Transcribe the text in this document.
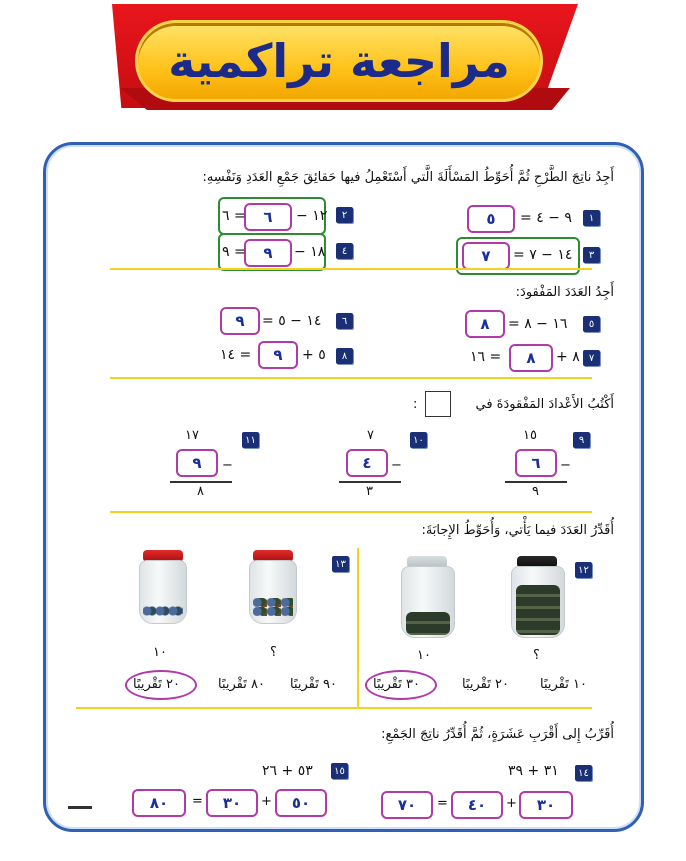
مراجعة تراكمية
أَجِدُ ناتِجَ الطَّرْحِ ثُمَّ أُحَوِّطُ المَسْأَلَةَ الَّتي أَسْتَعْمِلُ فيها حَقائِقَ جَمْعِ العَدَدِ وَنَفْسِهِ:
١
٩ − ٤ =
٥
٢
١٢ −
٦
= ٦
٣
١٤ − ٧ =
٧
٤
١٨ −
٩
= ٩
أَجِدُ العَدَدَ المَفْقودَ:
٥
١٦ − ٨ =
٨
٦
١٤ − ٥ =
٩
٧
٨ +
٨
= ١٦
٨
٥ +
٩
= ١٤
أَكْتُبُ الأَعْدادَ المَفْقودَةَ في
:
٩
١٥
٦	−
٩
١٠
٧
٤	−
٣
١١
١٧
٩	−
٨
أُقَدِّرُ العَدَدَ فيما يَأْتي، وَأُحَوِّطُ الإِجابَةَ:
١٢
؟
١٠
٣٠ تَقْريبًا	٢٠ تَقْريبًا ١٠ تَقْريبًا
١٣
؟
١٠
٢٠ تَقْريبًا	٨٠ تَقْريبًا ٩٠ تَقْريبًا
أُقَرِّبُ إِلى أَقْرَبِ عَشَرَةٍ، ثُمَّ أُقَدِّرُ ناتِجَ الجَمْعِ:
١٤
٣١ + ٣٩
٣٠
+
٤٠
=
٧٠
١٥
٥٣ + ٢٦
٥٠
+
٣٠
=
٨٠
